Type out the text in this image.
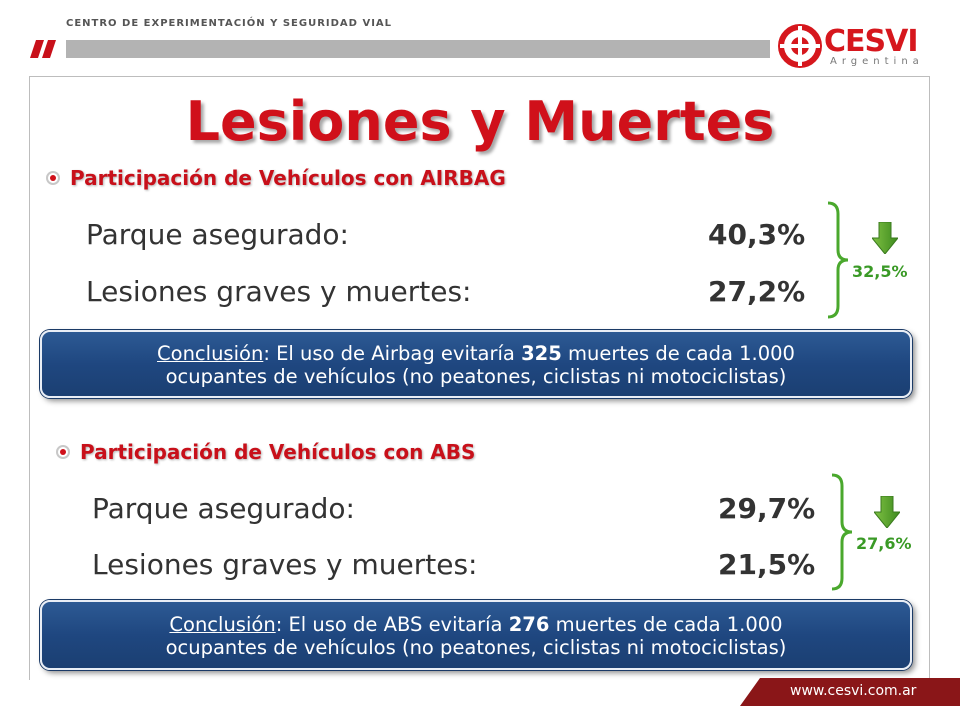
CENTRO DE EXPERIMENTACIÓN Y SEGURIDAD VIAL
CESVI
Argentina
Lesiones y Muertes
Participación de Vehículos con AIRBAG
Parque asegurado:	40,3%
Lesiones graves y muertes:	27,2%
32,5%
Conclusión: El uso de Airbag evitaría 325 muertes de cada 1.000
ocupantes de vehículos (no peatones, ciclistas ni motociclistas)
Participación de Vehículos con ABS
Parque asegurado:	29,7%
Lesiones graves y muertes:	21,5%
27,6%
Conclusión: El uso de ABS evitaría 276 muertes de cada 1.000
ocupantes de vehículos (no peatones, ciclistas ni motociclistas)
www.cesvi.com.ar
